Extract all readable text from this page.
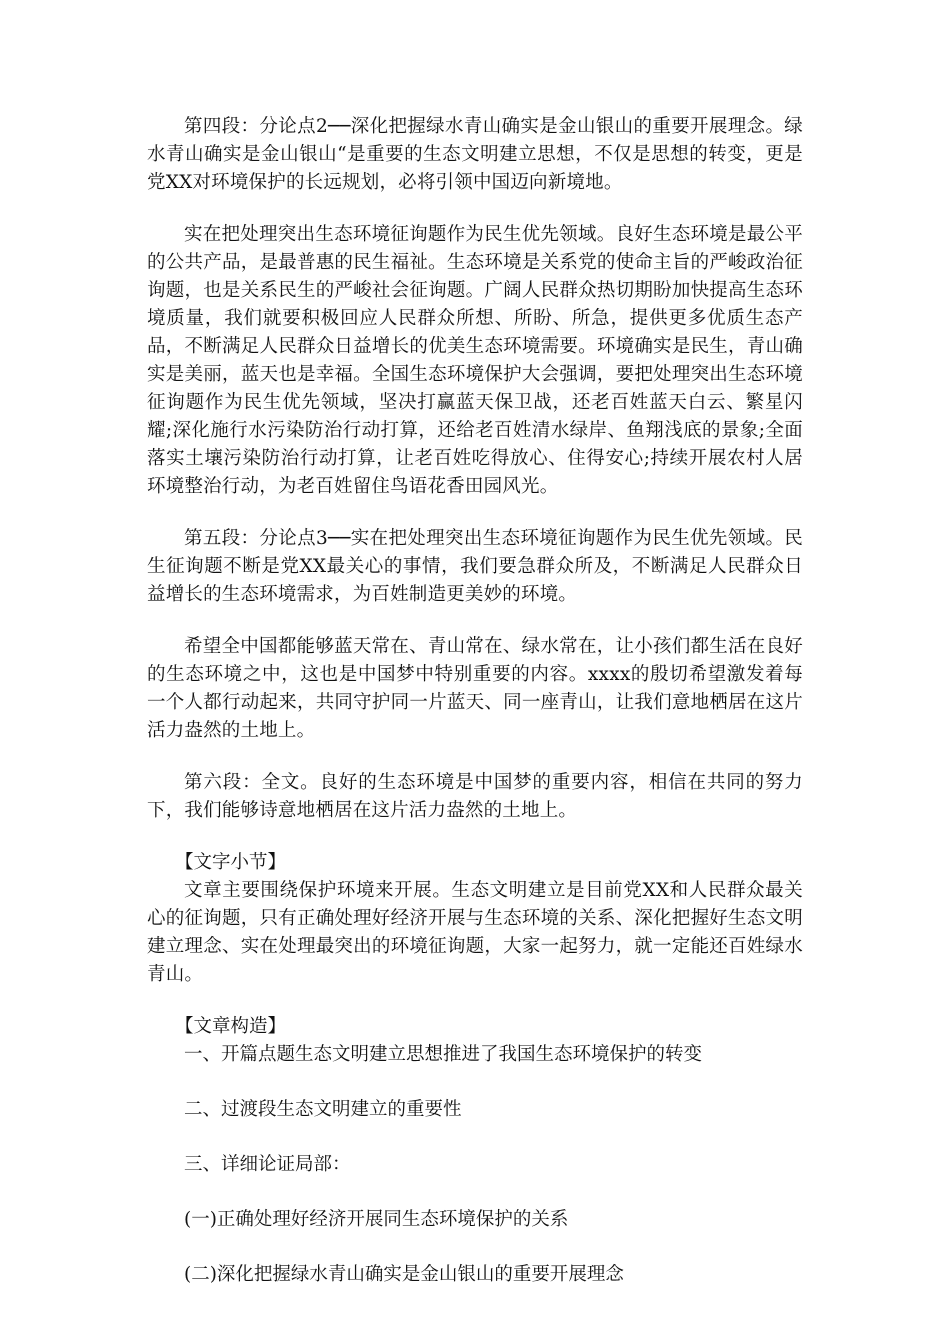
第四段：分论点2──深化把握绿水青山确实是金山银山的重要开展理念。绿水青山确实是金山银山“是重要的生态文明建立思想，不仅是思想的转变，更是党XX对环境保护的长远规划，必将引领中国迈向新境地。

实在把处理突出生态环境征询题作为民生优先领域。良好生态环境是最公平的公共产品，是最普惠的民生福祉。生态环境是关系党的使命主旨的严峻政治征询题，也是关系民生的严峻社会征询题。广阔人民群众热切期盼加快提高生态环境质量，我们就要积极回应人民群众所想、所盼、所急，提供更多优质生态产品，不断满足人民群众日益增长的优美生态环境需要。环境确实是民生，青山确实是美丽，蓝天也是幸福。全国生态环境保护大会强调，要把处理突出生态环境征询题作为民生优先领域，坚决打赢蓝天保卫战，还老百姓蓝天白云、繁星闪耀;深化施行水污染防治行动打算，还给老百姓清水绿岸、鱼翔浅底的景象;全面落实土壤污染防治行动打算，让老百姓吃得放心、住得安心;持续开展农村人居环境整治行动，为老百姓留住鸟语花香田园风光。

第五段：分论点3──实在把处理突出生态环境征询题作为民生优先领域。民生征询题不断是党XX最关心的事情，我们要急群众所及，不断满足人民群众日益增长的生态环境需求，为百姓制造更美妙的环境。

希望全中国都能够蓝天常在、青山常在、绿水常在，让小孩们都生活在良好的生态环境之中，这也是中国梦中特别重要的内容。xxxx的殷切希望激发着每一个人都行动起来，共同守护同一片蓝天、同一座青山，让我们意地栖居在这片活力盎然的土地上。

第六段：全文。良好的生态环境是中国梦的重要内容，相信在共同的努力下，我们能够诗意地栖居在这片活力盎然的土地上。

【文字小节】

文章主要围绕保护环境来开展。生态文明建立是目前党XX和人民群众最关心的征询题，只有正确处理好经济开展与生态环境的关系、深化把握好生态文明建立理念、实在处理最突出的环境征询题，大家一起努力，就一定能还百姓绿水青山。

【文章构造】

一、开篇点题生态文明建立思想推进了我国生态环境保护的转变

二、过渡段生态文明建立的重要性

三、详细论证局部：

(一)正确处理好经济开展同生态环境保护的关系

(二)深化把握绿水青山确实是金山银山的重要开展理念
